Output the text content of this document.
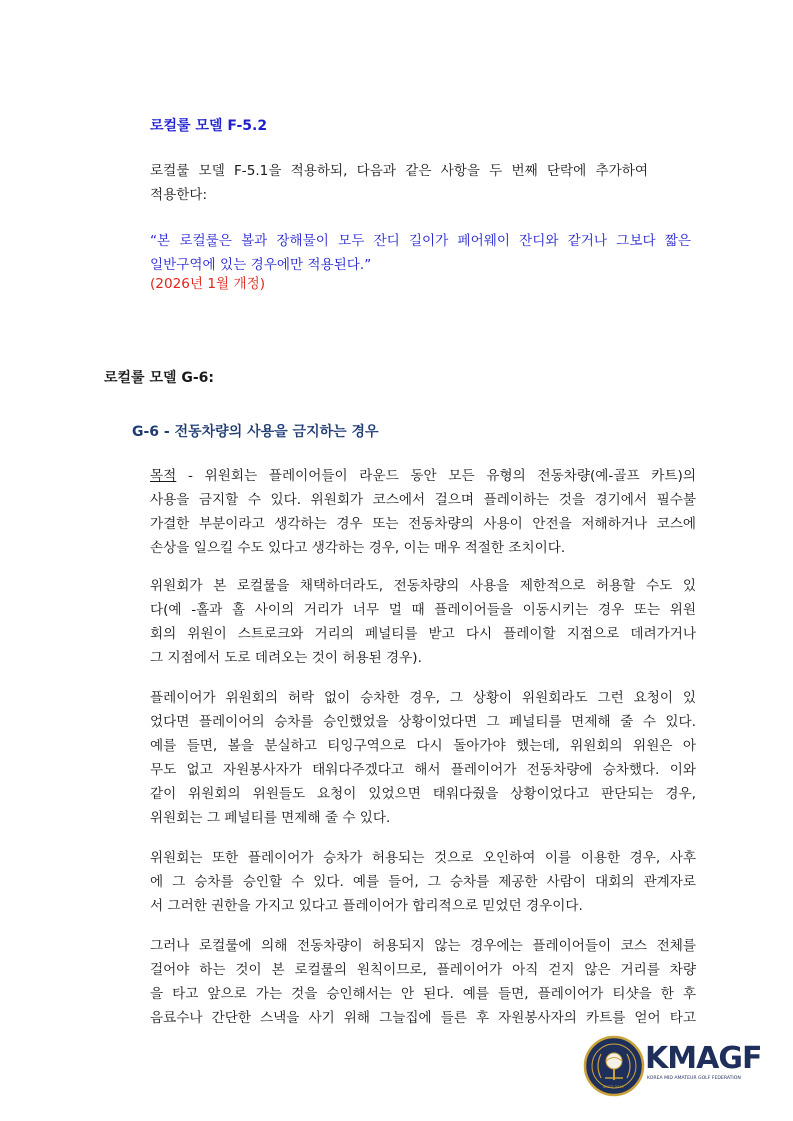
로컬룰 모델 F-5.2
로컬룰 모델 F-5.1을 적용하되, 다음과 같은 사항을 두 번째 단락에 추가하여
적용한다:
“본 로컬룰은 볼과 장해물이 모두 잔디 길이가 페어웨이 잔디와 같거나 그보다 짧은
일반구역에 있는 경우에만 적용된다.”
(2026년 1월 개정)
로컬룰 모델 G-6:
G-6 - 전동차량의 사용을 금지하는 경우
목적 - 위원회는 플레이어들이 라운드 동안 모든 유형의 전동차량(예-골프 카트)의
사용을 금지할 수 있다. 위원회가 코스에서 걸으며 플레이하는 것을 경기에서 필수불
가결한 부분이라고 생각하는 경우 또는 전동차량의 사용이 안전을 저해하거나 코스에
손상을 일으킬 수도 있다고 생각하는 경우, 이는 매우 적절한 조치이다.
위원회가 본 로컬룰을 채택하더라도, 전동차량의 사용을 제한적으로 허용할 수도 있
다(예 -홀과 홀 사이의 거리가 너무 멀 때 플레이어들을 이동시키는 경우 또는 위원
회의 위원이 스트로크와 거리의 페널티를 받고 다시 플레이할 지점으로 데려가거나
그 지점에서 도로 데려오는 것이 허용된 경우).
플레이어가 위원회의 허락 없이 승차한 경우, 그 상황이 위원회라도 그런 요청이 있
었다면 플레이어의 승차를 승인했었을 상황이었다면 그 페널티를 면제해 줄 수 있다.
예를 들면, 볼을 분실하고 티잉구역으로 다시 돌아가야 했는데, 위원회의 위원은 아
무도 없고 자원봉사자가 태워다주겠다고 해서 플레이어가 전동차량에 승차했다. 이와
같이 위원회의 위원들도 요청이 있었으면 태워다줬을 상황이었다고 판단되는 경우,
위원회는 그 페널티를 면제해 줄 수 있다.
위원회는 또한 플레이어가 승차가 허용되는 것으로 오인하여 이를 이용한 경우, 사후
에 그 승차를 승인할 수 있다. 예를 들어, 그 승차를 제공한 사람이 대회의 관계자로
서 그러한 권한을 가지고 있다고 플레이어가 합리적으로 믿었던 경우이다.
그러나 로컬룰에 의해 전동차량이 허용되지 않는 경우에는 플레이어들이 코스 전체를
걸어야 하는 것이 본 로컬룰의 원칙이므로, 플레이어가 아직 걷지 않은 거리를 차량
을 타고 앞으로 가는 것을 승인해서는 안 된다. 예를 들면, 플레이어가 티샷을 한 후
음료수나 간단한 스낵을 사기 위해 그늘집에 들른 후 자원봉사자의 카트를 얻어 타고
KMAGF
KOREA MID AMATEUR GOLF FEDERATION
SINCE 2019
